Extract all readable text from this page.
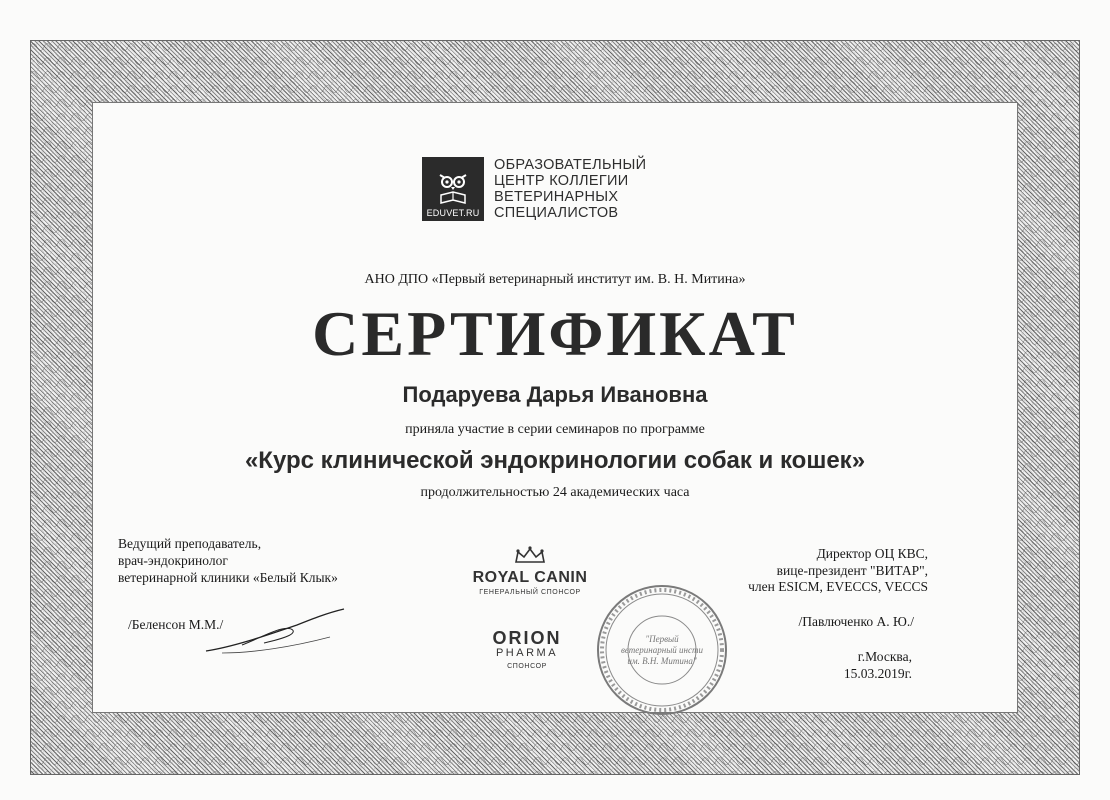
EDUVET.RU
ОБРАЗОВАТЕЛЬНЫЙ
ЦЕНТР КОЛЛЕГИИ
ВЕТЕРИНАРНЫХ
СПЕЦИАЛИСТОВ
АНО ДПО «Первый ветеринарный институт им. В. Н. Митина»
СЕРТИФИКАТ
Подаруева Дарья Ивановна
приняла участие в серии семинаров по программе
«Курс клинической эндокринологии собак и кошек»
продолжительностью 24 академических часа
Ведущий преподаватель,
врач-эндокринолог
ветеринарной клиники «Белый Клык»
/Беленсон М.М./
ROYAL CANIN
ГЕНЕРАЛЬНЫЙ СПОНСОР
ORION
PHARMA
СПОНСОР
"Первый
ветеринарный инсти
им. В.Н. Митина"
Директор ОЦ КВС,
вице-президент "ВИТАР",
член ESICM, EVECCS, VECCS
/Павлюченко А. Ю./
г.Москва,
15.03.2019г.
